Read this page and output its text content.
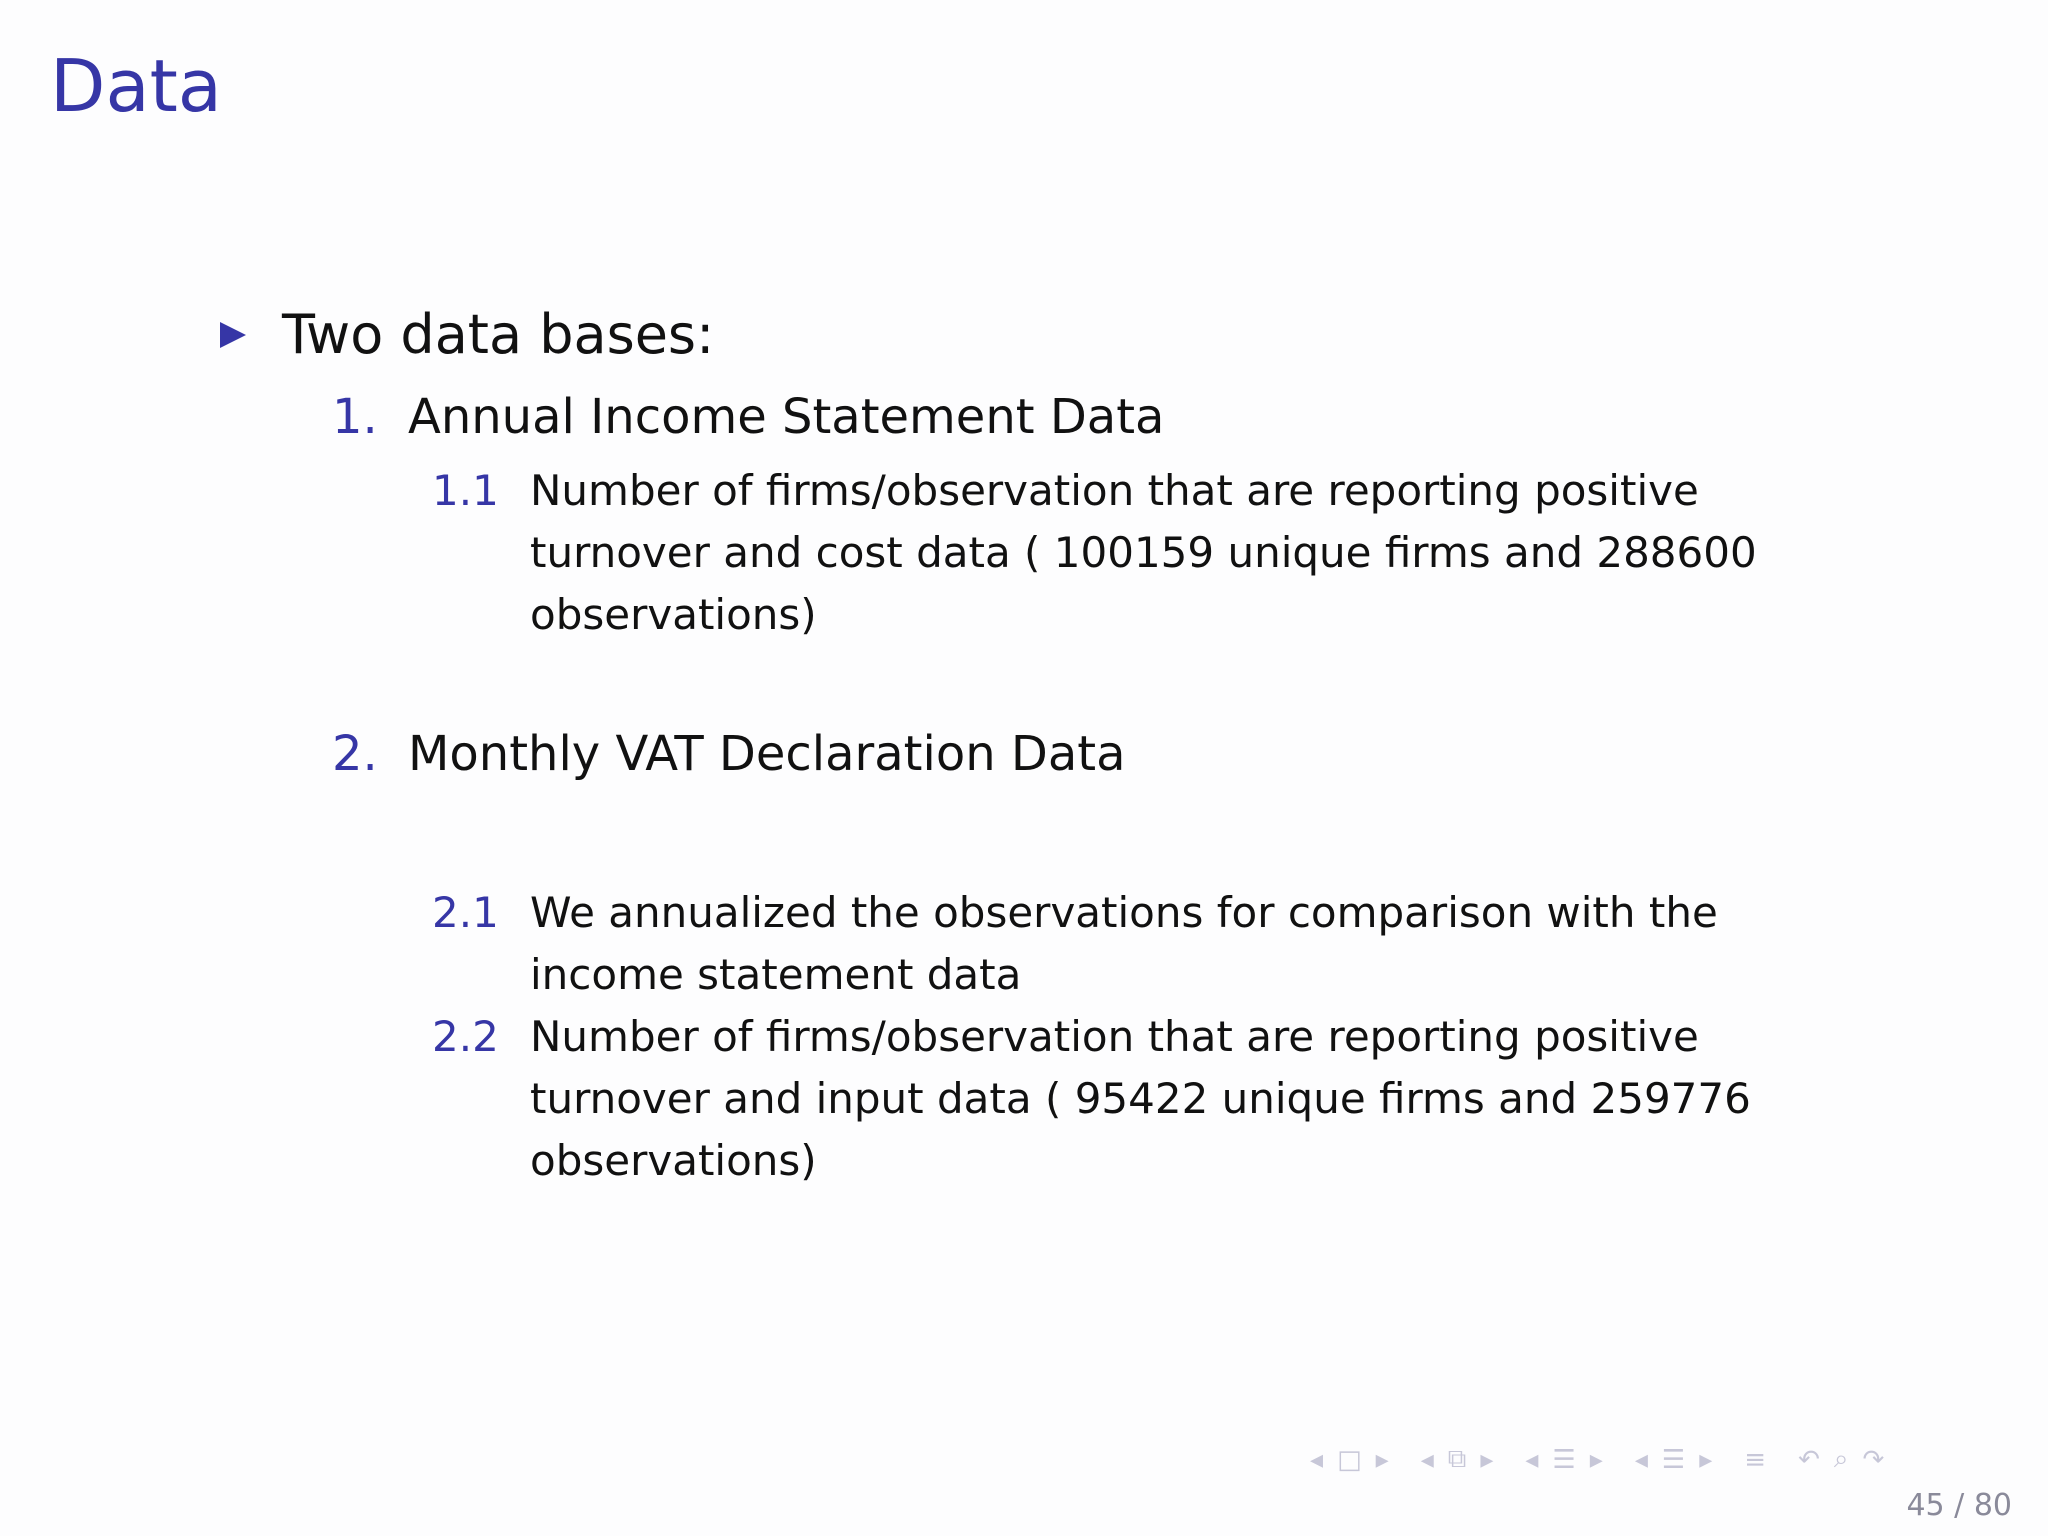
Data
Two data bases:
1. Annual Income Statement Data
1.1 Number of firms/observation that are reporting positive turnover and cost data ( 100159 unique firms and 288600 observations)
2. Monthly VAT Declaration Data
2.1 We annualized the observations for comparison with the income statement data
2.2 Number of firms/observation that are reporting positive turnover and input data ( 95422 unique firms and 259776 observations)
◂ □ ▸ ◂ ⧉ ▸ ◂ ☰ ▸ ◂ ☰ ▸ ≡ ↶ ⌕ ↷
45 / 80
